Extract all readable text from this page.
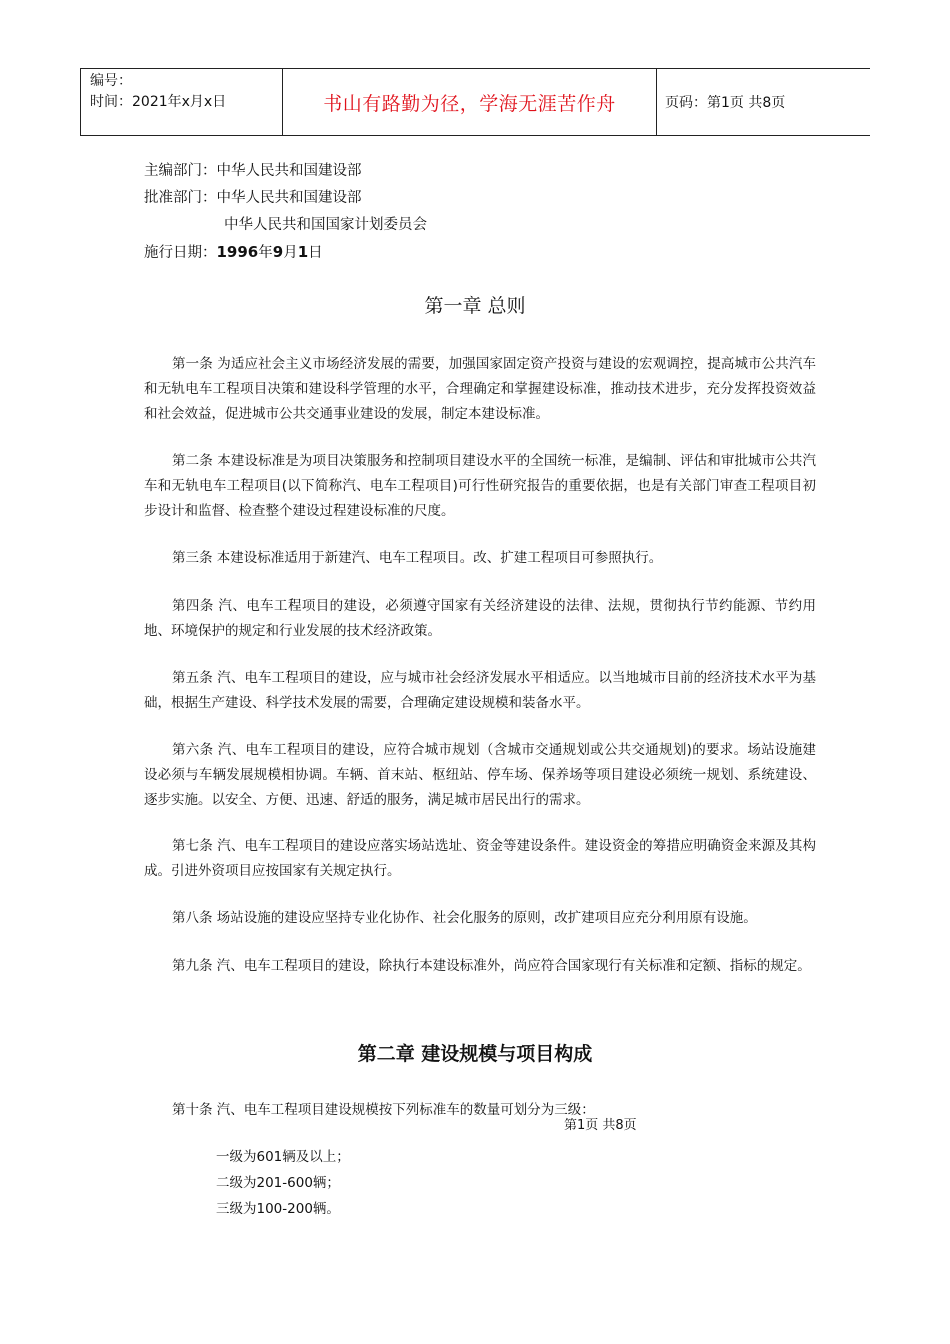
编号：
时间：2021年x月x日	书山有路勤为径，学海无涯苦作舟	页码：第1页 共8页
主编部门：中华人民共和国建设部
批准部门：中华人民共和国建设部
中华人民共和国国家计划委员会
施行日期：1996年9月1日
第一章 总则

第一条 为适应社会主义市场经济发展的需要，加强国家固定资产投资与建设的宏观调控，提高城市公共汽车和无轨电车工程项目决策和建设科学管理的水平，合理确定和掌握建设标准，推动技术进步，充分发挥投资效益和社会效益，促进城市公共交通事业建设的发展，制定本建设标准。

第二条 本建设标准是为项目决策服务和控制项目建设水平的全国统一标准，是编制、评估和审批城市公共汽车和无轨电车工程项目(以下简称汽、电车工程项目)可行性研究报告的重要依据，也是有关部门审查工程项目初步设计和监督、检查整个建设过程建设标准的尺度。

第三条 本建设标准适用于新建汽、电车工程项目。改、扩建工程项目可参照执行。

第四条 汽、电车工程项目的建设，必须遵守国家有关经济建设的法律、法规，贯彻执行节约能源、节约用地、环境保护的规定和行业发展的技术经济政策。

第五条 汽、电车工程项目的建设，应与城市社会经济发展水平相适应。以当地城市目前的经济技术水平为基础，根据生产建设、科学技术发展的需要，合理确定建设规模和装备水平。

第六条 汽、电车工程项目的建设，应符合城市规划（含城市交通规划或公共交通规划)的要求。场站设施建设必须与车辆发展规模相协调。车辆、首末站、枢纽站、停车场、保养场等项目建设必须统一规划、系统建设、逐步实施。以安全、方便、迅速、舒适的服务，满足城市居民出行的需求。

第七条 汽、电车工程项目的建设应落实场站选址、资金等建设条件。建设资金的筹措应明确资金来源及其构成。引进外资项目应按国家有关规定执行。

第八条 场站设施的建设应坚持专业化协作、社会化服务的原则，改扩建项目应充分利用原有设施。

第九条 汽、电车工程项目的建设，除执行本建设标准外，尚应符合国家现行有关标准和定额、指标的规定。

第二章 建设规模与项目构成

第十条 汽、电车工程项目建设规模按下列标准车的数量可划分为三级：

第1页 共8页
一级为601辆及以上；
二级为201-600辆；
三级为100-200辆。
